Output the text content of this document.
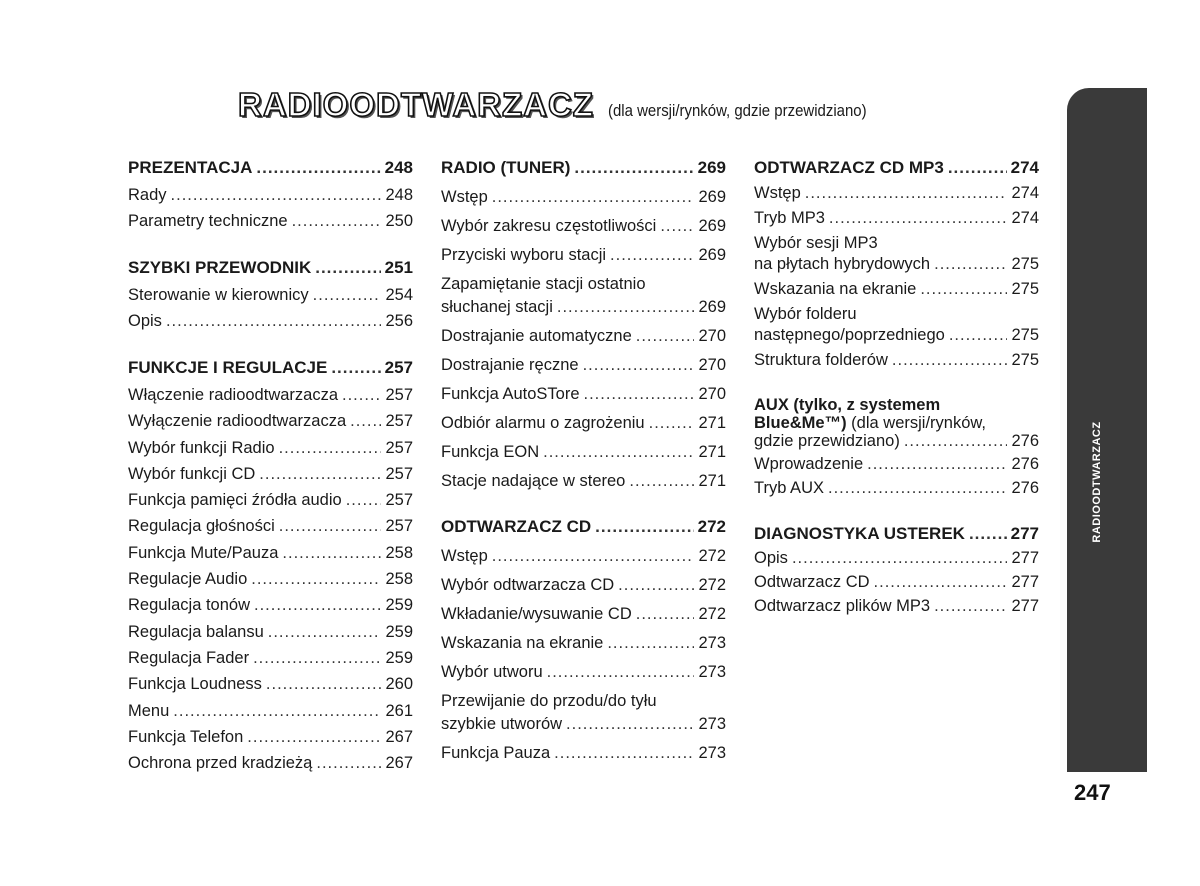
RADIOODTWARZACZ (dla wersji/rynków, gdzie przewidziano)
PREZENTACJA .....	248
Rady .....	248
Parametry techniczne .....	250
SZYBKI PRZEWODNIK .....	251
Sterowanie w kierownicy .....	254
Opis .....	256
FUNKCJE I REGULACJE .....	257
Włączenie radioodtwarzacza .....	257
Wyłączenie radioodtwarzacza ..... 257
Wybór funkcji Radio .....	257
Wybór funkcji CD .....	257
Funkcja pamięci źródła audio .....	257
Regulacja głośności .....	257
Funkcja Mute/Pauza .....	258
Regulacje Audio .....	258
Regulacja tonów .....	259
Regulacja balansu .....	259
Regulacja Fader .....	259
Funkcja Loudness .....	260
Menu .....	261
Funkcja Telefon .....	267
Ochrona przed kradzieżą .....	267
RADIO (TUNER) .....	269
Wstęp .....	269
Wybór zakresu częstotliwości .....	269
Przyciski wyboru stacji .....	269
Zapamiętanie stacji ostatnio
słuchanej stacji .....	269
Dostrajanie automatyczne .....	270
Dostrajanie ręczne .....	270
Funkcja AutoSTore .....	270
Odbiór alarmu o zagrożeniu .....	271
Funkcja EON .....	271
Stacje nadające w stereo .....	271
ODTWARZACZ CD .....	272
Wstęp .....	272
Wybór odtwarzacza CD .....	272
Wkładanie/wysuwanie CD .....	272
Wskazania na ekranie .....	273
Wybór utworu .....	273
Przewijanie do przodu/do tyłu
szybkie utworów .....	273
Funkcja Pauza .....	273
ODTWARZACZ CD MP3 .....	274
Wstęp .....	274
Tryb MP3 .....	274
Wybór sesji MP3
na płytach hybrydowych .....	275
Wskazania na ekranie .....	275
Wybór folderu
następnego/poprzedniego .....	275
Struktura folderów .....	275
AUX (tylko, z systemem
Blue&Me™) (dla wersji/rynków,
gdzie przewidziano) .....	276
Wprowadzenie .....	276
Tryb AUX .....	276
DIAGNOSTYKA USTEREK .....	277
Opis .....	277
Odtwarzacz CD .....	277
Odtwarzacz plików MP3 .....	277
RADIOODTWARZACZ
247
